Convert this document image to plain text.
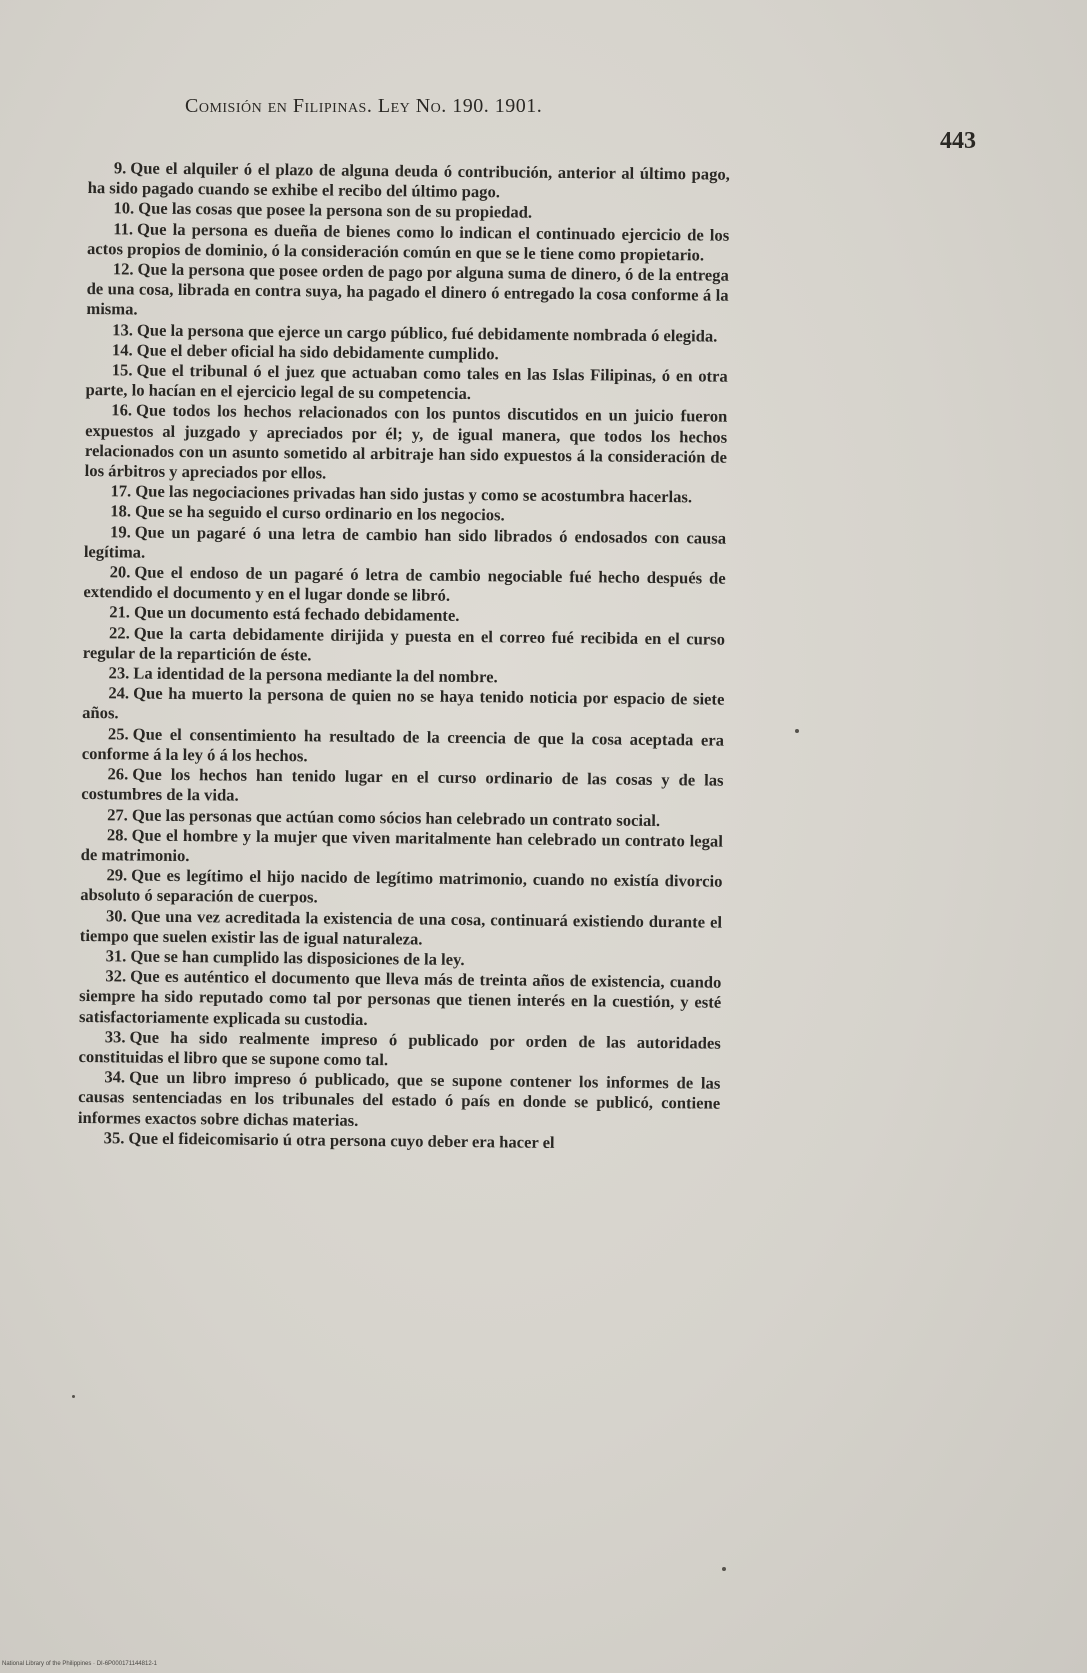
Comisión en Filipinas. Ley No. 190. 1901.
443

9. Que el alquiler ó el plazo de alguna deuda ó contribución, anterior al último pago, ha sido pagado cuando se exhibe el recibo del último pago.

10. Que las cosas que posee la persona son de su propiedad.

11. Que la persona es dueña de bienes como lo indican el continuado ejercicio de los actos propios de dominio, ó la consideración común en que se le tiene como propietario.

12. Que la persona que posee orden de pago por alguna suma de dinero, ó de la entrega de una cosa, librada en contra suya, ha pagado el dinero ó entregado la cosa conforme á la misma.

13. Que la persona que ejerce un cargo público, fué debidamente nombrada ó elegida.

14. Que el deber oficial ha sido debidamente cumplido.

15. Que el tribunal ó el juez que actuaban como tales en las Islas Filipinas, ó en otra parte, lo hacían en el ejercicio legal de su competencia.

16. Que todos los hechos relacionados con los puntos discutidos en un juicio fueron expuestos al juzgado y apreciados por él; y, de igual manera, que todos los hechos relacionados con un asunto sometido al arbitraje han sido expuestos á la consideración de los árbitros y apreciados por ellos.

17. Que las negociaciones privadas han sido justas y como se acostumbra hacerlas.

18. Que se ha seguido el curso ordinario en los negocios.

19. Que un pagaré ó una letra de cambio han sido librados ó endosados con causa legítima.

20. Que el endoso de un pagaré ó letra de cambio negociable fué hecho después de extendido el documento y en el lugar donde se libró.

21. Que un documento está fechado debidamente.

22. Que la carta debidamente dirijida y puesta en el correo fué recibida en el curso regular de la repartición de éste.

23. La identidad de la persona mediante la del nombre.

24. Que ha muerto la persona de quien no se haya tenido noticia por espacio de siete años.

25. Que el consentimiento ha resultado de la creencia de que la cosa aceptada era conforme á la ley ó á los hechos.

26. Que los hechos han tenido lugar en el curso ordinario de las cosas y de las costumbres de la vida.

27. Que las personas que actúan como sócios han celebrado un contrato social.

28. Que el hombre y la mujer que viven maritalmente han celebrado un contrato legal de matrimonio.

29. Que es legítimo el hijo nacido de legítimo matrimonio, cuando no existía divorcio absoluto ó separación de cuerpos.

30. Que una vez acreditada la existencia de una cosa, continuará existiendo durante el tiempo que suelen existir las de igual naturaleza.

31. Que se han cumplido las disposiciones de la ley.

32. Que es auténtico el documento que lleva más de treinta años de existencia, cuando siempre ha sido reputado como tal por personas que tienen interés en la cuestión, y esté satisfactoriamente explicada su custodia.

33. Que ha sido realmente impreso ó publicado por orden de las autoridades constituidas el libro que se supone como tal.

34. Que un libro impreso ó publicado, que se supone contener los informes de las causas sentenciadas en los tribunales del estado ó país en donde se publicó, contiene informes exactos sobre dichas materias.

35. Que el fideicomisario ú otra persona cuyo deber era hacer el

National Library of the Philippines · DI-6P000171144812-1
